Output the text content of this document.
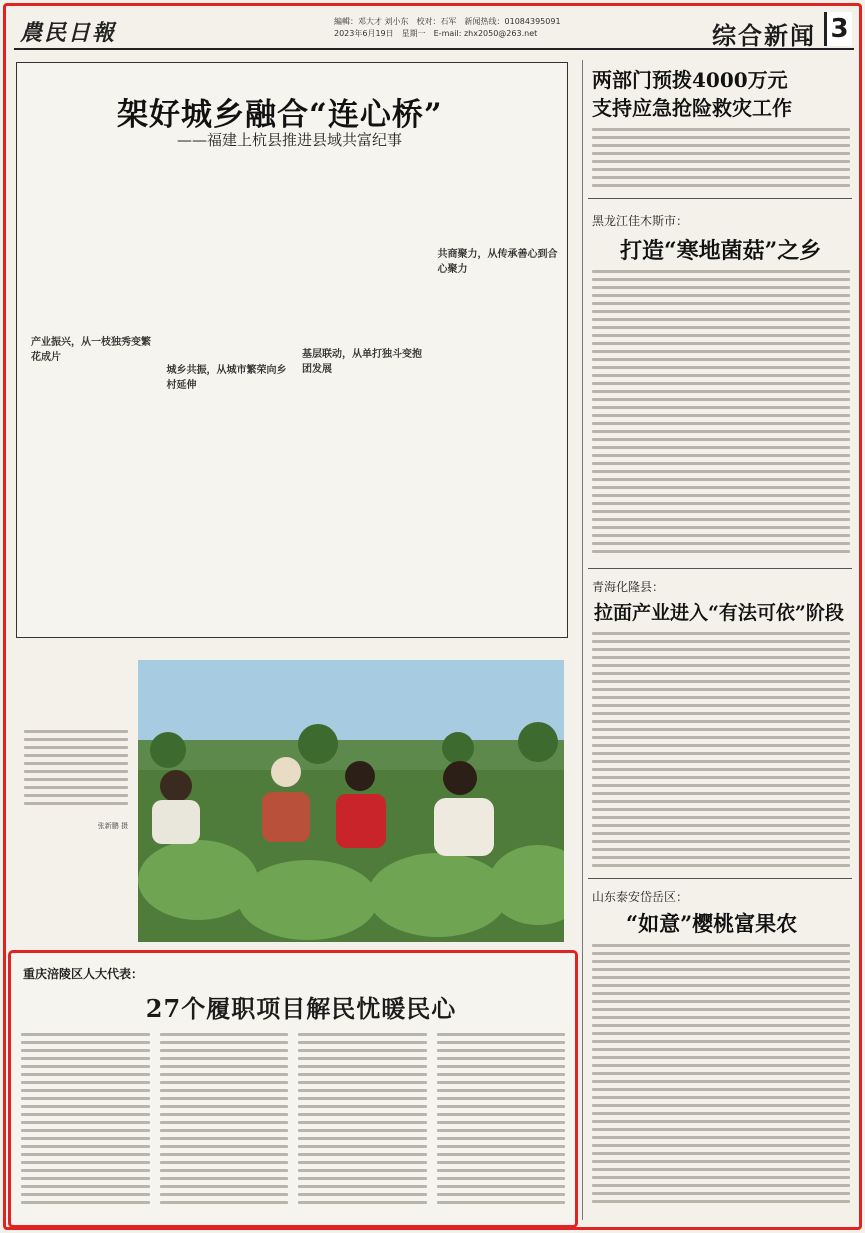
農民日報	編輯：邓大才 刘小东　校对：石军　新闻热线：01084395091
2023年6月19日　星期一　E-mail: zhx2050@263.net	综合新闻 3
架好城乡融合“连心桥”
——福建上杭县推进县域共富纪事
产业振兴，从一枝独秀变繁花成片
城乡共振，从城市繁荣向乡村延伸
基层联动，从单打独斗变抱团发展
共商聚力，从传承善心到合心聚力
两部门预拨4000万元
支持应急抢险救灾工作
黑龙江佳木斯市：
打造“寒地菌菇”之乡
青海化隆县：
拉面产业进入“有法可依”阶段
山东泰安岱岳区：
“如意”樱桃富果农
张新鹏 摄
重庆涪陵区人大代表：
27个履职项目解民忧暖民心
